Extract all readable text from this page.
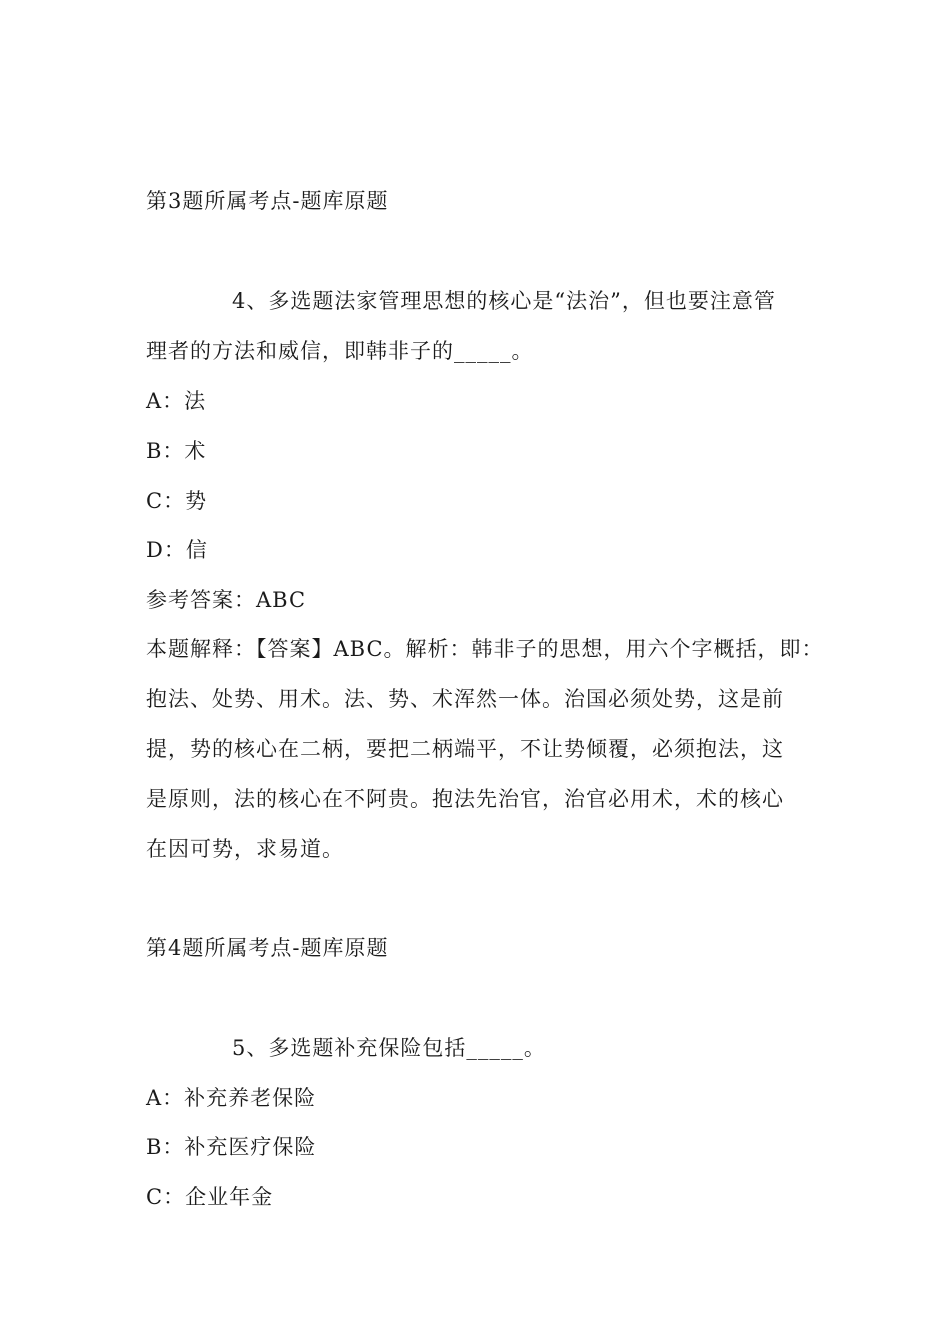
第3题所属考点-题库原题
4、多选题法家管理思想的核心是“法治”，但也要注意管
理者的方法和威信，即韩非子的_____。
A：法
B：术
C：势
D：信
参考答案：ABC
本题解释：【答案】ABC。解析：韩非子的思想，用六个字概括，即：
抱法、处势、用术。法、势、术浑然一体。治国必须处势，这是前
提，势的核心在二柄，要把二柄端平，不让势倾覆，必须抱法，这
是原则，法的核心在不阿贵。抱法先治官，治官必用术，术的核心
在因可势，求易道。
第4题所属考点-题库原题
5、多选题补充保险包括_____。
A：补充养老保险
B：补充医疗保险
C：企业年金
